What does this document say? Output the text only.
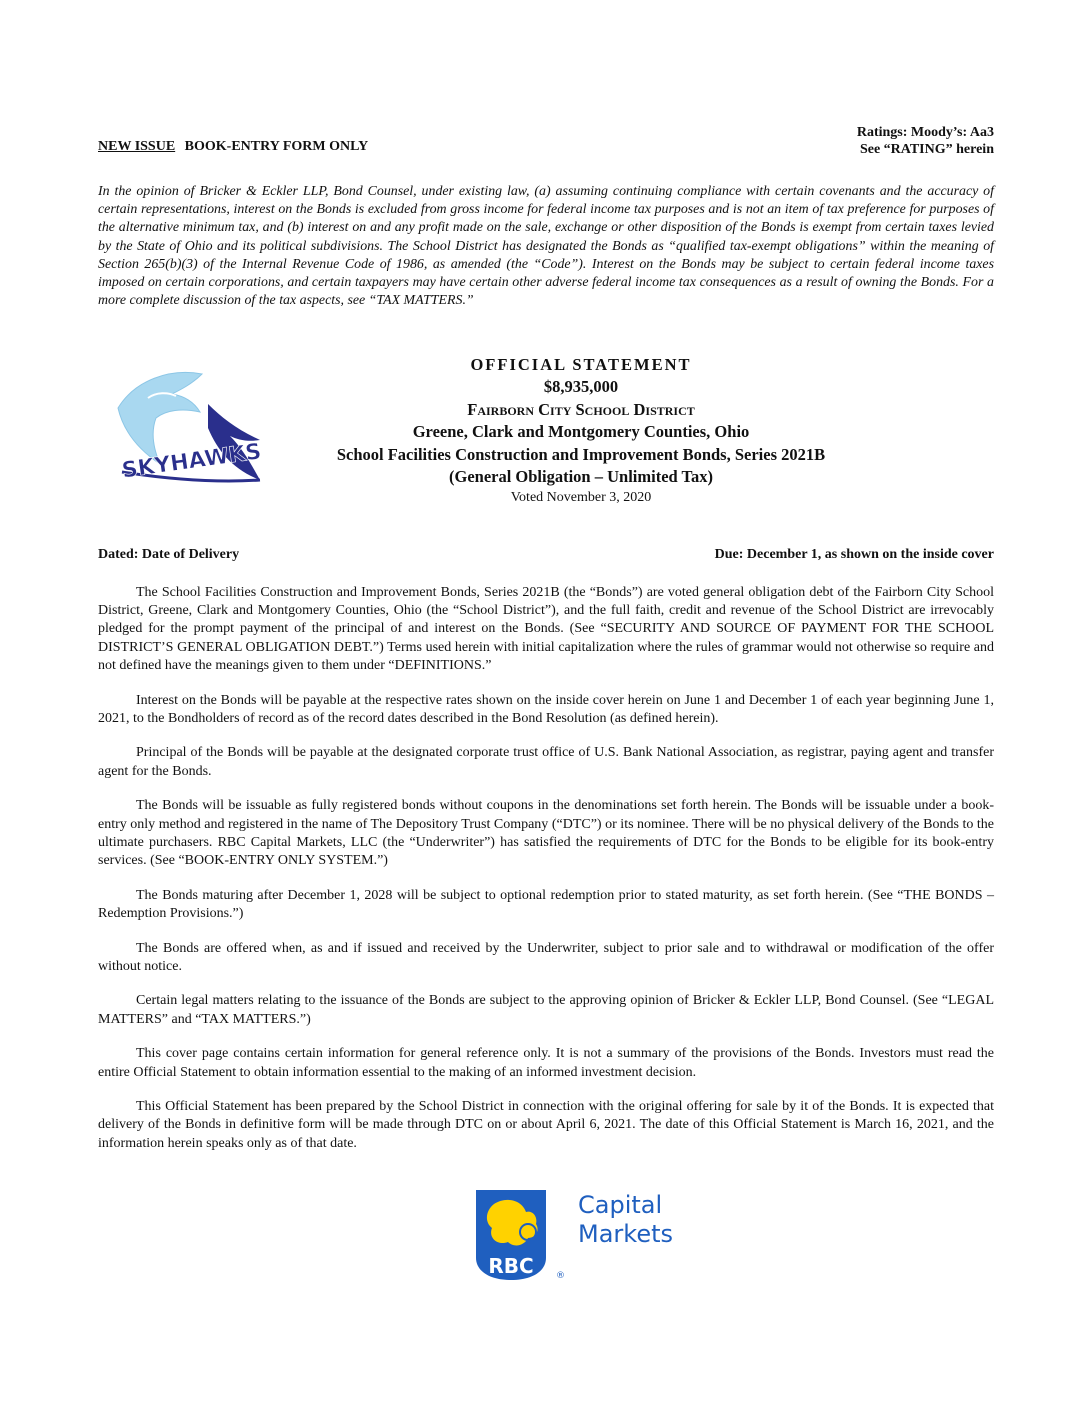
NEW ISSUE BOOK-ENTRY FORM ONLY
Ratings: Moody’s: Aa3
See “RATING” herein
In the opinion of Bricker & Eckler LLP, Bond Counsel, under existing law, (a) assuming continuing compliance with certain covenants and the accuracy of certain representations, interest on the Bonds is excluded from gross income for federal income tax purposes and is not an item of tax preference for purposes of the alternative minimum tax, and (b) interest on and any profit made on the sale, exchange or other disposition of the Bonds is exempt from certain taxes levied by the State of Ohio and its political subdivisions. The School District has designated the Bonds as “qualified tax-exempt obligations” within the meaning of Section 265(b)(3) of the Internal Revenue Code of 1986, as amended (the “Code”). Interest on the Bonds may be subject to certain federal income taxes imposed on certain corporations, and certain taxpayers may have certain other adverse federal income tax consequences as a result of owning the Bonds. For a more complete discussion of the tax aspects, see “TAX MATTERS.”
SKYHAWKS
OFFICIAL STATEMENT
$8,935,000
Fairborn City School District
Greene, Clark and Montgomery Counties, Ohio
School Facilities Construction and Improvement Bonds, Series 2021B
(General Obligation – Unlimited Tax)
Voted November 3, 2020
Dated: Date of Delivery	Due: December 1, as shown on the inside cover

The School Facilities Construction and Improvement Bonds, Series 2021B (the “Bonds”) are voted general obligation debt of the Fairborn City School District, Greene, Clark and Montgomery Counties, Ohio (the “School District”), and the full faith, credit and revenue of the School District are irrevocably pledged for the prompt payment of the principal of and interest on the Bonds. (See “SECURITY AND SOURCE OF PAYMENT FOR THE SCHOOL DISTRICT’S GENERAL OBLIGATION DEBT.”) Terms used herein with initial capitalization where the rules of grammar would not otherwise so require and not defined have the meanings given to them under “DEFINITIONS.”

Interest on the Bonds will be payable at the respective rates shown on the inside cover herein on June 1 and December 1 of each year beginning June 1, 2021, to the Bondholders of record as of the record dates described in the Bond Resolution (as defined herein).

Principal of the Bonds will be payable at the designated corporate trust office of U.S. Bank National Association, as registrar, paying agent and transfer agent for the Bonds.

The Bonds will be issuable as fully registered bonds without coupons in the denominations set forth herein. The Bonds will be issuable under a book-entry only method and registered in the name of The Depository Trust Company (“DTC”) or its nominee. There will be no physical delivery of the Bonds to the ultimate purchasers. RBC Capital Markets, LLC (the “Underwriter”) has satisfied the requirements of DTC for the Bonds to be eligible for its book-entry services. (See “BOOK-ENTRY ONLY SYSTEM.”)

The Bonds maturing after December 1, 2028 will be subject to optional redemption prior to stated maturity, as set forth herein. (See “THE BONDS – Redemption Provisions.”)

The Bonds are offered when, as and if issued and received by the Underwriter, subject to prior sale and to withdrawal or modification of the offer without notice.

Certain legal matters relating to the issuance of the Bonds are subject to the approving opinion of Bricker & Eckler LLP, Bond Counsel. (See “LEGAL MATTERS” and “TAX MATTERS.”)

This cover page contains certain information for general reference only. It is not a summary of the provisions of the Bonds. Investors must read the entire Official Statement to obtain information essential to the making of an informed investment decision.

This Official Statement has been prepared by the School District in connection with the original offering for sale by it of the Bonds. It is expected that delivery of the Bonds in definitive form will be made through DTC on or about April 6, 2021. The date of this Official Statement is March 16, 2021, and the information herein speaks only as of that date.

RBC ®
Capital
Markets
